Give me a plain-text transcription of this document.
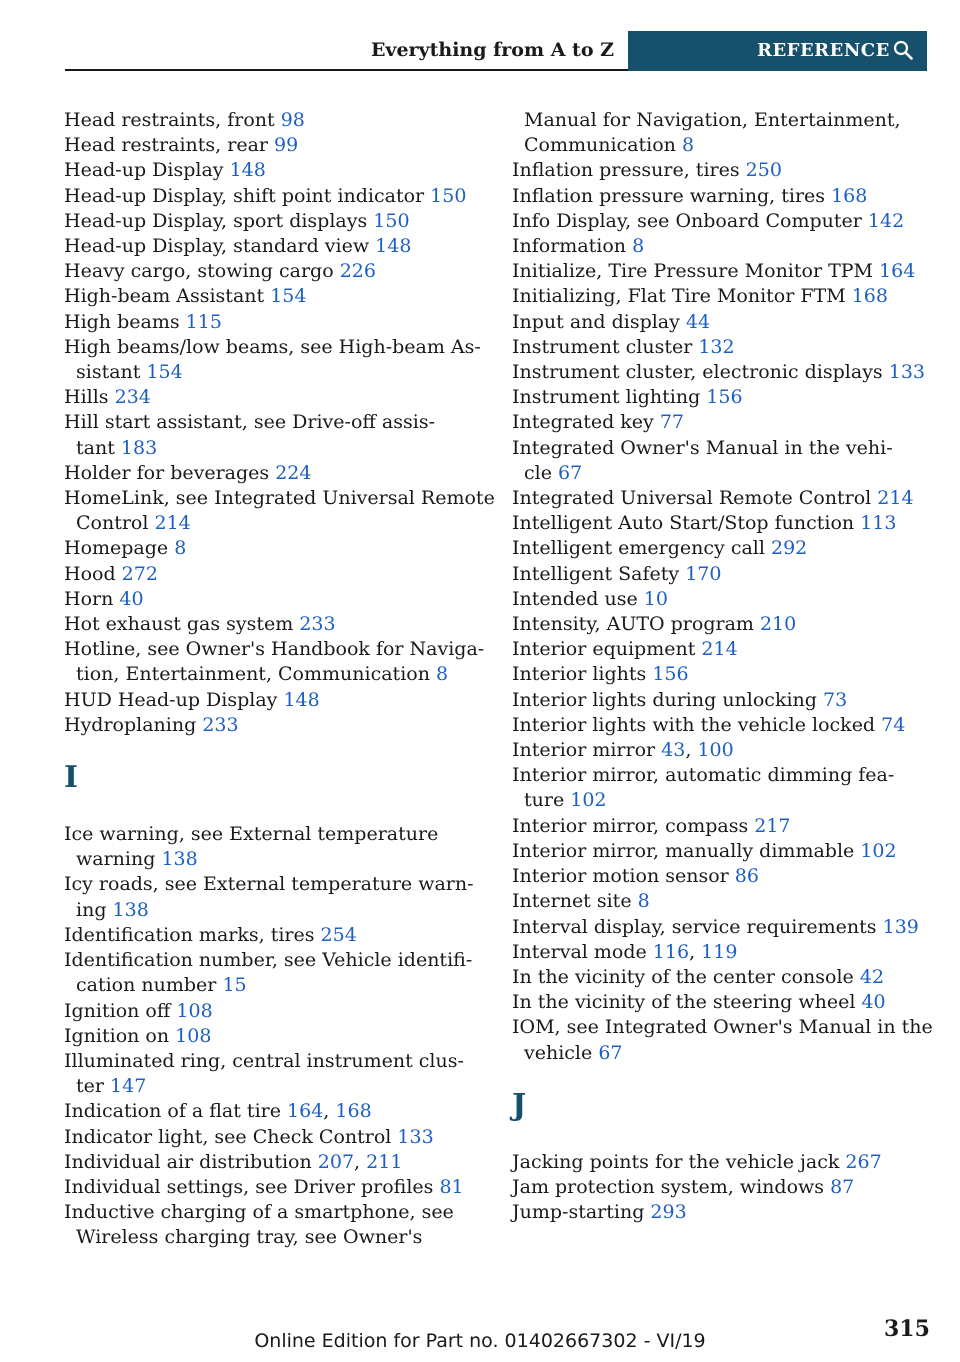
Everything from A to Z	REFERENCE
Head restraints, front 98
Head restraints, rear 99
Head-up Display 148
Head-up Display, shift point indicator 150
Head-up Display, sport displays 150
Head-up Display, standard view 148
Heavy cargo, stowing cargo 226
High-beam Assistant 154
High beams 115
High beams/low beams, see High-beam As-
sistant 154
Hills 234
Hill start assistant, see Drive-off assis-
tant 183
Holder for beverages 224
HomeLink, see Integrated Universal Remote
Control 214
Homepage 8
Hood 272
Horn 40
Hot exhaust gas system 233
Hotline, see Owner's Handbook for Naviga-
tion, Entertainment, Communication 8
HUD Head-up Display 148
Hydroplaning 233
I
Ice warning, see External temperature
warning 138
Icy roads, see External temperature warn-
ing 138
Identification marks, tires 254
Identification number, see Vehicle identifi-
cation number 15
Ignition off 108
Ignition on 108
Illuminated ring, central instrument clus-
ter 147
Indication of a flat tire 164, 168
Indicator light, see Check Control 133
Individual air distribution 207, 211
Individual settings, see Driver profiles 81
Inductive charging of a smartphone, see
Wireless charging tray, see Owner's
Manual for Navigation, Entertainment,
Communication 8
Inflation pressure, tires 250
Inflation pressure warning, tires 168
Info Display, see Onboard Computer 142
Information 8
Initialize, Tire Pressure Monitor TPM 164
Initializing, Flat Tire Monitor FTM 168
Input and display 44
Instrument cluster 132
Instrument cluster, electronic displays 133
Instrument lighting 156
Integrated key 77
Integrated Owner's Manual in the vehi-
cle 67
Integrated Universal Remote Control 214
Intelligent Auto Start/Stop function 113
Intelligent emergency call 292
Intelligent Safety 170
Intended use 10
Intensity, AUTO program 210
Interior equipment 214
Interior lights 156
Interior lights during unlocking 73
Interior lights with the vehicle locked 74
Interior mirror 43, 100
Interior mirror, automatic dimming fea-
ture 102
Interior mirror, compass 217
Interior mirror, manually dimmable 102
Interior motion sensor 86
Internet site 8
Interval display, service requirements 139
Interval mode 116, 119
In the vicinity of the center console 42
In the vicinity of the steering wheel 40
IOM, see Integrated Owner's Manual in the
vehicle 67
J
Jacking points for the vehicle jack 267
Jam protection system, windows 87
Jump-starting 293
315
Online Edition for Part no. 01402667302 - VI/19
